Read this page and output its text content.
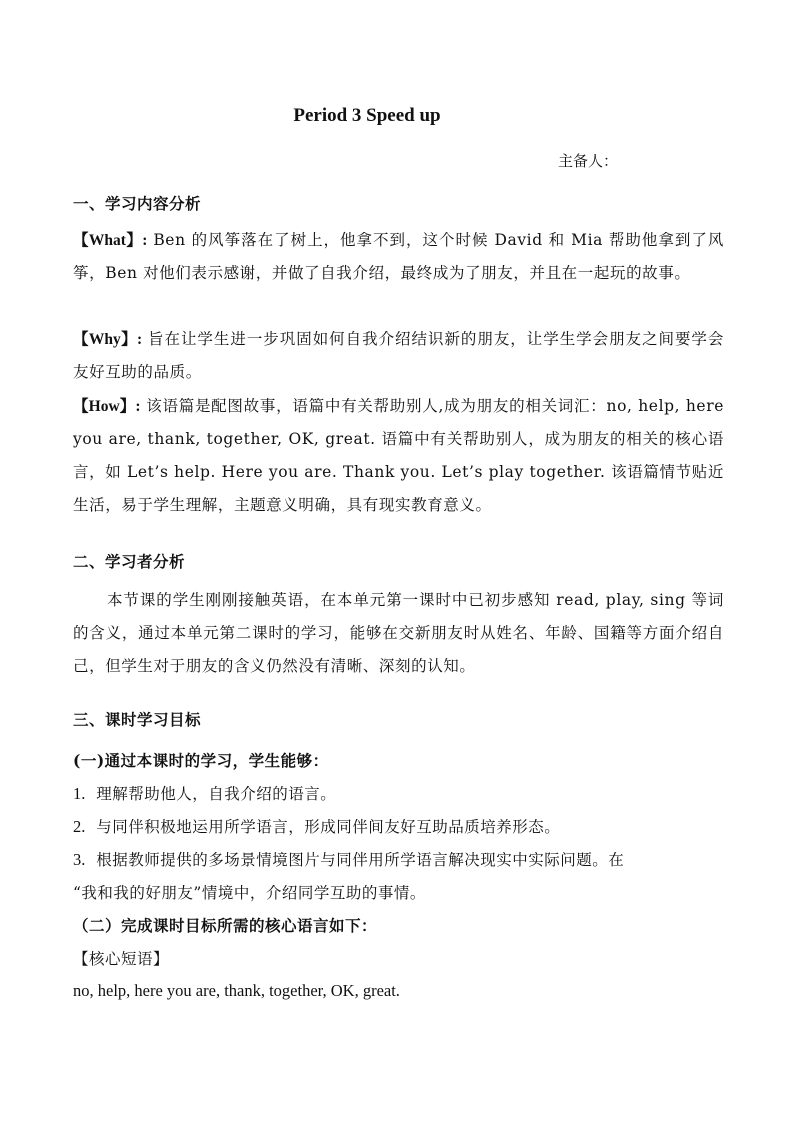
Period 3 Speed up
主备人：
一、学习内容分析
【What】: Ben 的风筝落在了树上，他拿不到，这个时候 David 和 Mia 帮助他拿到了风筝，Ben 对他们表示感谢，并做了自我介绍，最终成为了朋友，并且在一起玩的故事。
【Why】: 旨在让学生进一步巩固如何自我介绍结识新的朋友，让学生学会朋友之间要学会友好互助的品质。
【How】: 该语篇是配图故事，语篇中有关帮助别人,成为朋友的相关词汇：no, help, here you are, thank, together, OK, great. 语篇中有关帮助别人，成为朋友的相关的核心语言，如 Let’s help. Here you are. Thank you. Let’s play together. 该语篇情节贴近生活，易于学生理解，主题意义明确，具有现实教育意义。
二、学习者分析
本节课的学生刚刚接触英语，在本单元第一课时中已初步感知 read, play, sing 等词的含义，通过本单元第二课时的学习，能够在交新朋友时从姓名、年龄、国籍等方面介绍自己，但学生对于朋友的含义仍然没有清晰、深刻的认知。
三、课时学习目标
(一)通过本课时的学习，学生能够：
1. 理解帮助他人，自我介绍的语言。
2. 与同伴积极地运用所学语言，形成同伴间友好互助品质培养形态。
3. 根据教师提供的多场景情境图片与同伴用所学语言解决现实中实际问题。在
“我和我的好朋友”情境中，介绍同学互助的事情。
（二）完成课时目标所需的核心语言如下：
【核心短语】
no, help, here you are, thank, together, OK, great.
